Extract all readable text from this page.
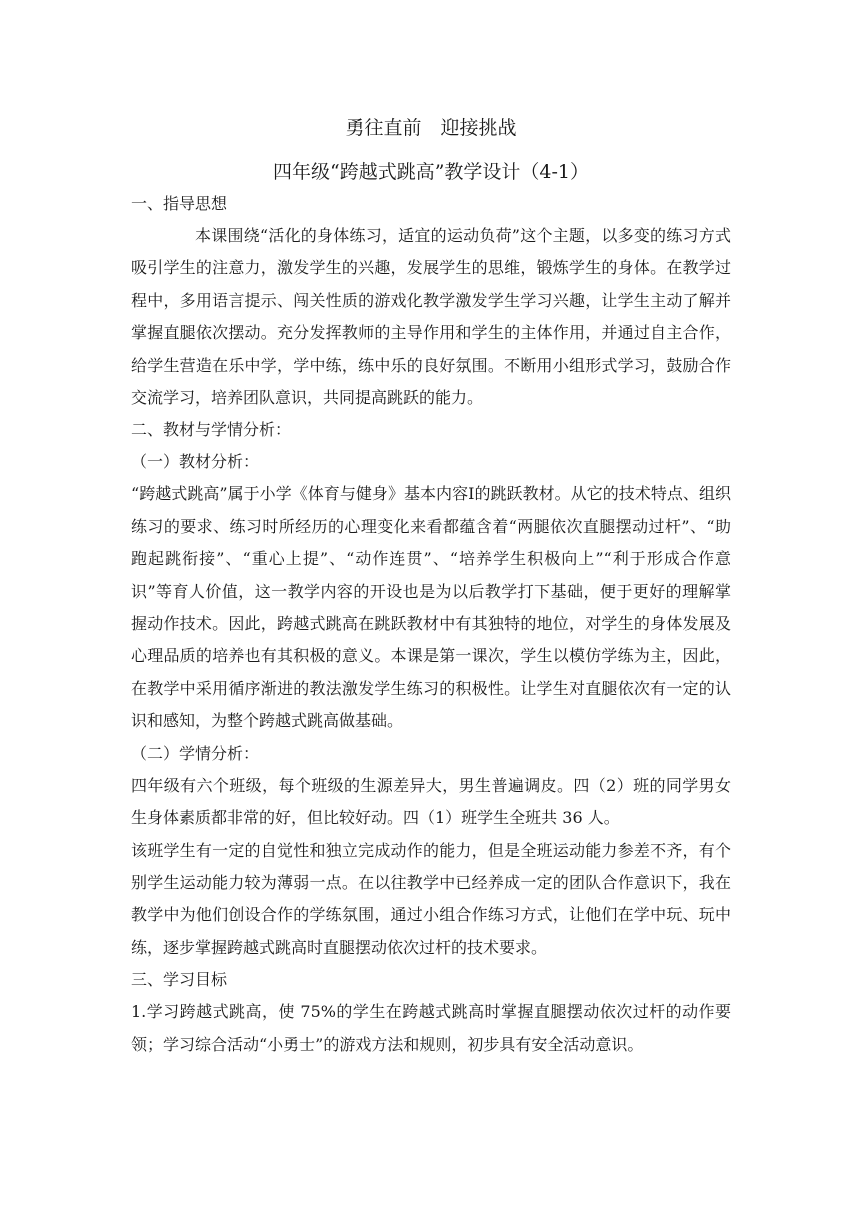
勇往直前　迎接挑战
四年级“跨越式跳高”教学设计（4-1）

一、指导思想

本课围绕“活化的身体练习，适宜的运动负荷”这个主题，以多变的练习方式吸引学生的注意力，激发学生的兴趣，发展学生的思维，锻炼学生的身体。在教学过程中，多用语言提示、闯关性质的游戏化教学激发学生学习兴趣，让学生主动了解并掌握直腿依次摆动。充分发挥教师的主导作用和学生的主体作用，并通过自主合作，给学生营造在乐中学，学中练，练中乐的良好氛围。不断用小组形式学习，鼓励合作交流学习，培养团队意识，共同提高跳跃的能力。

二、教材与学情分析：

（一）教材分析：

“跨越式跳高”属于小学《体育与健身》基本内容Ⅰ的跳跃教材。从它的技术特点、组织练习的要求、练习时所经历的心理变化来看都蕴含着“两腿依次直腿摆动过杆”、“助跑起跳衔接”、“重心上提”、“动作连贯”、“培养学生积极向上”“利于形成合作意识”等育人价值，这一教学内容的开设也是为以后教学打下基础，便于更好的理解掌握动作技术。因此，跨越式跳高在跳跃教材中有其独特的地位，对学生的身体发展及心理品质的培养也有其积极的意义。本课是第一课次，学生以模仿学练为主，因此，在教学中采用循序渐进的教法激发学生练习的积极性。让学生对直腿依次有一定的认识和感知，为整个跨越式跳高做基础。

（二）学情分析：

四年级有六个班级，每个班级的生源差异大，男生普遍调皮。四（2）班的同学男女生身体素质都非常的好，但比较好动。四（1）班学生全班共 36 人。

该班学生有一定的自觉性和独立完成动作的能力，但是全班运动能力参差不齐，有个别学生运动能力较为薄弱一点。在以往教学中已经养成一定的团队合作意识下，我在教学中为他们创设合作的学练氛围，通过小组合作练习方式，让他们在学中玩、玩中练，逐步掌握跨越式跳高时直腿摆动依次过杆的技术要求。

三、学习目标

1.学习跨越式跳高，使 75%的学生在跨越式跳高时掌握直腿摆动依次过杆的动作要领；学习综合活动“小勇士”的游戏方法和规则，初步具有安全活动意识。
